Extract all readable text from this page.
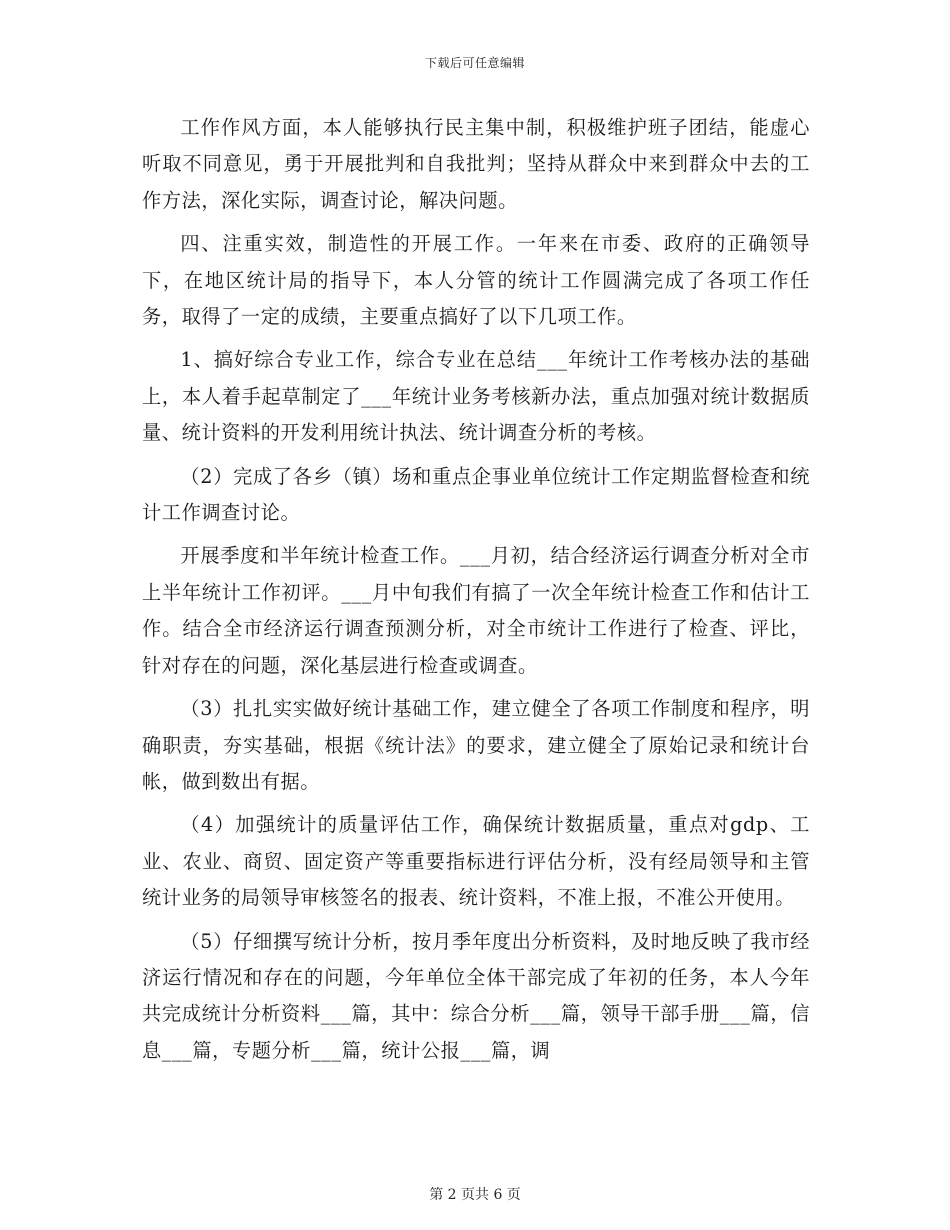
下载后可任意编辑

工作作风方面，本人能够执行民主集中制，积极维护班子团结，能虚心听取不同意见，勇于开展批判和自我批判；坚持从群众中来到群众中去的工作方法，深化实际，调查讨论，解决问题。

四、注重实效，制造性的开展工作。一年来在市委、政府的正确领导下，在地区统计局的指导下，本人分管的统计工作圆满完成了各项工作任务，取得了一定的成绩，主要重点搞好了以下几项工作。

1、搞好综合专业工作，综合专业在总结___年统计工作考核办法的基础上，本人着手起草制定了___年统计业务考核新办法，重点加强对统计数据质量、统计资料的开发利用统计执法、统计调查分析的考核。

（2）完成了各乡（镇）场和重点企事业单位统计工作定期监督检查和统计工作调查讨论。

开展季度和半年统计检查工作。___月初，结合经济运行调查分析对全市上半年统计工作初评。___月中旬我们有搞了一次全年统计检查工作和估计工作。结合全市经济运行调查预测分析，对全市统计工作进行了检查、评比，针对存在的问题，深化基层进行检查或调查。

（3）扎扎实实做好统计基础工作，建立健全了各项工作制度和程序，明确职责，夯实基础，根据《统计法》的要求，建立健全了原始记录和统计台帐，做到数出有据。

（4）加强统计的质量评估工作，确保统计数据质量，重点对gdp、工业、农业、商贸、固定资产等重要指标进行评估分析，没有经局领导和主管统计业务的局领导审核签名的报表、统计资料，不准上报，不准公开使用。

（5）仔细撰写统计分析，按月季年度出分析资料，及时地反映了我市经济运行情况和存在的问题，今年单位全体干部完成了年初的任务，本人今年共完成统计分析资料___篇，其中：综合分析___篇，领导干部手册___篇，信息___篇，专题分析___篇，统计公报___篇，调

第 2 页共 6 页
